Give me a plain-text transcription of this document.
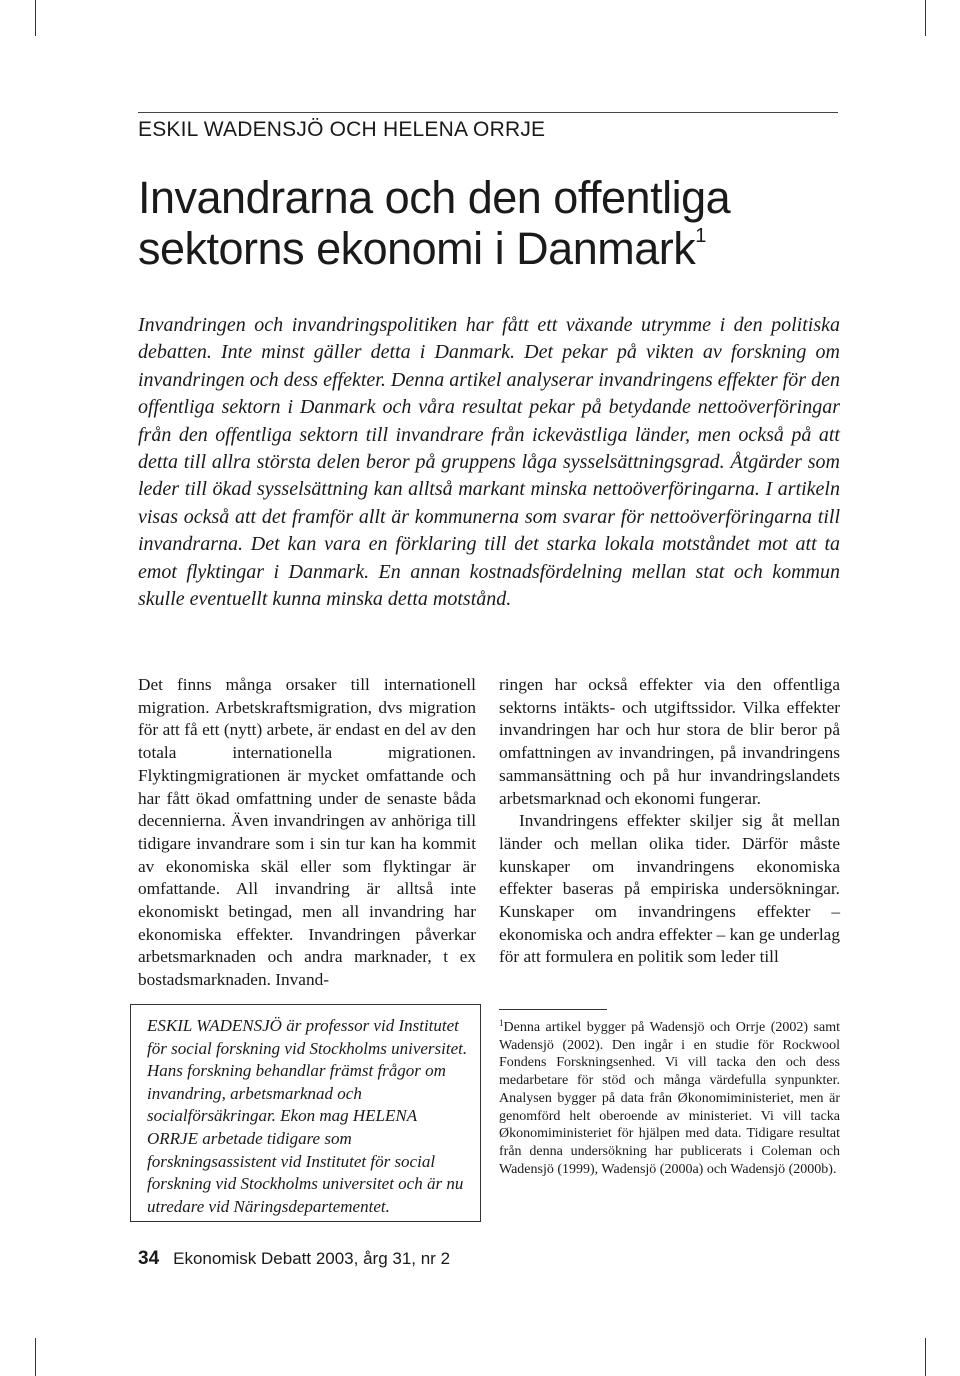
ESKIL WADENSJÖ OCH HELENA ORRJE
Invandrarna och den offentliga
sektorns ekonomi i Danmark$^1$

Invandringen och invandringspolitiken har fått ett växande utrymme i den politiska debatten. Inte minst gäller detta i Danmark. Det pekar på vikten av forskning om invandringen och dess effekter. Denna artikel analyserar invandringens effekter för den offentliga sektorn i Danmark och våra resultat pekar på betydande nettoöverföringar från den offentliga sektorn till invandrare från ickevästliga länder, men också på att detta till allra största delen beror på gruppens låga sysselsättningsgrad. Åtgärder som leder till ökad sysselsättning kan alltså markant minska nettoöverföringarna. I artikeln visas också att det framför allt är kommunerna som svarar för nettoöverföringarna till invandrarna. Det kan vara en förklaring till det starka lokala motståndet mot att ta emot flyktingar i Danmark. En annan kostnadsfördelning mellan stat och kommun skulle eventuellt kunna minska detta motstånd.

Det finns många orsaker till internationell migration. Arbetskraftsmigration, dvs migration för att få ett (nytt) arbete, är endast en del av den totala internationella migrationen. Flyktingmigrationen är mycket omfattande och har fått ökad omfattning under de senaste båda decennierna. Även invandringen av anhöriga till tidigare invandrare som i sin tur kan ha kommit av ekonomiska skäl eller som flyktingar är omfattande. All invandring är alltså inte ekonomiskt betingad, men all invandring har ekonomiska effekter. Invandringen påverkar arbetsmarknaden och andra marknader, t ex bostadsmarknaden. Invand-

ringen har också effekter via den offentliga sektorns intäkts- och utgiftssidor. Vilka effekter invandringen har och hur stora de blir beror på omfattningen av invandringen, på invandringens sammansättning och på hur invandringslandets arbetsmarknad och ekonomi fungerar.

Invandringens effekter skiljer sig åt mellan länder och mellan olika tider. Därför måste kunskaper om invandringens ekonomiska effekter baseras på empiriska undersökningar. Kunskaper om invandringens effekter – ekonomiska och andra effekter – kan ge underlag för att formulera en politik som leder till

ESKIL WADENSJÖ är professor vid Institutet för social forskning vid Stockholms universitet. Hans forskning behandlar främst frågor om invandring, arbetsmarknad och socialförsäkringar. Ekon mag HELENA ORRJE arbetade tidigare som forskningsassistent vid Institutet för social forskning vid Stockholms universitet och är nu utredare vid Näringsdepartementet.

$^1$Denna artikel bygger på Wadensjö och Orrje (2002) samt Wadensjö (2002). Den ingår i en studie för Rockwool Fondens Forskningsenhed. Vi vill tacka den och dess medarbetare för stöd och många värdefulla synpunkter. Analysen bygger på data från Økonomiministeriet, men är genomförd helt oberoende av ministeriet. Vi vill tacka Økonomiministeriet för hjälpen med data. Tidigare resultat från denna undersökning har publicerats i Coleman och Wadensjö (1999), Wadensjö (2000a) och Wadensjö (2000b).

34 Ekonomisk Debatt 2003, årg 31, nr 2
